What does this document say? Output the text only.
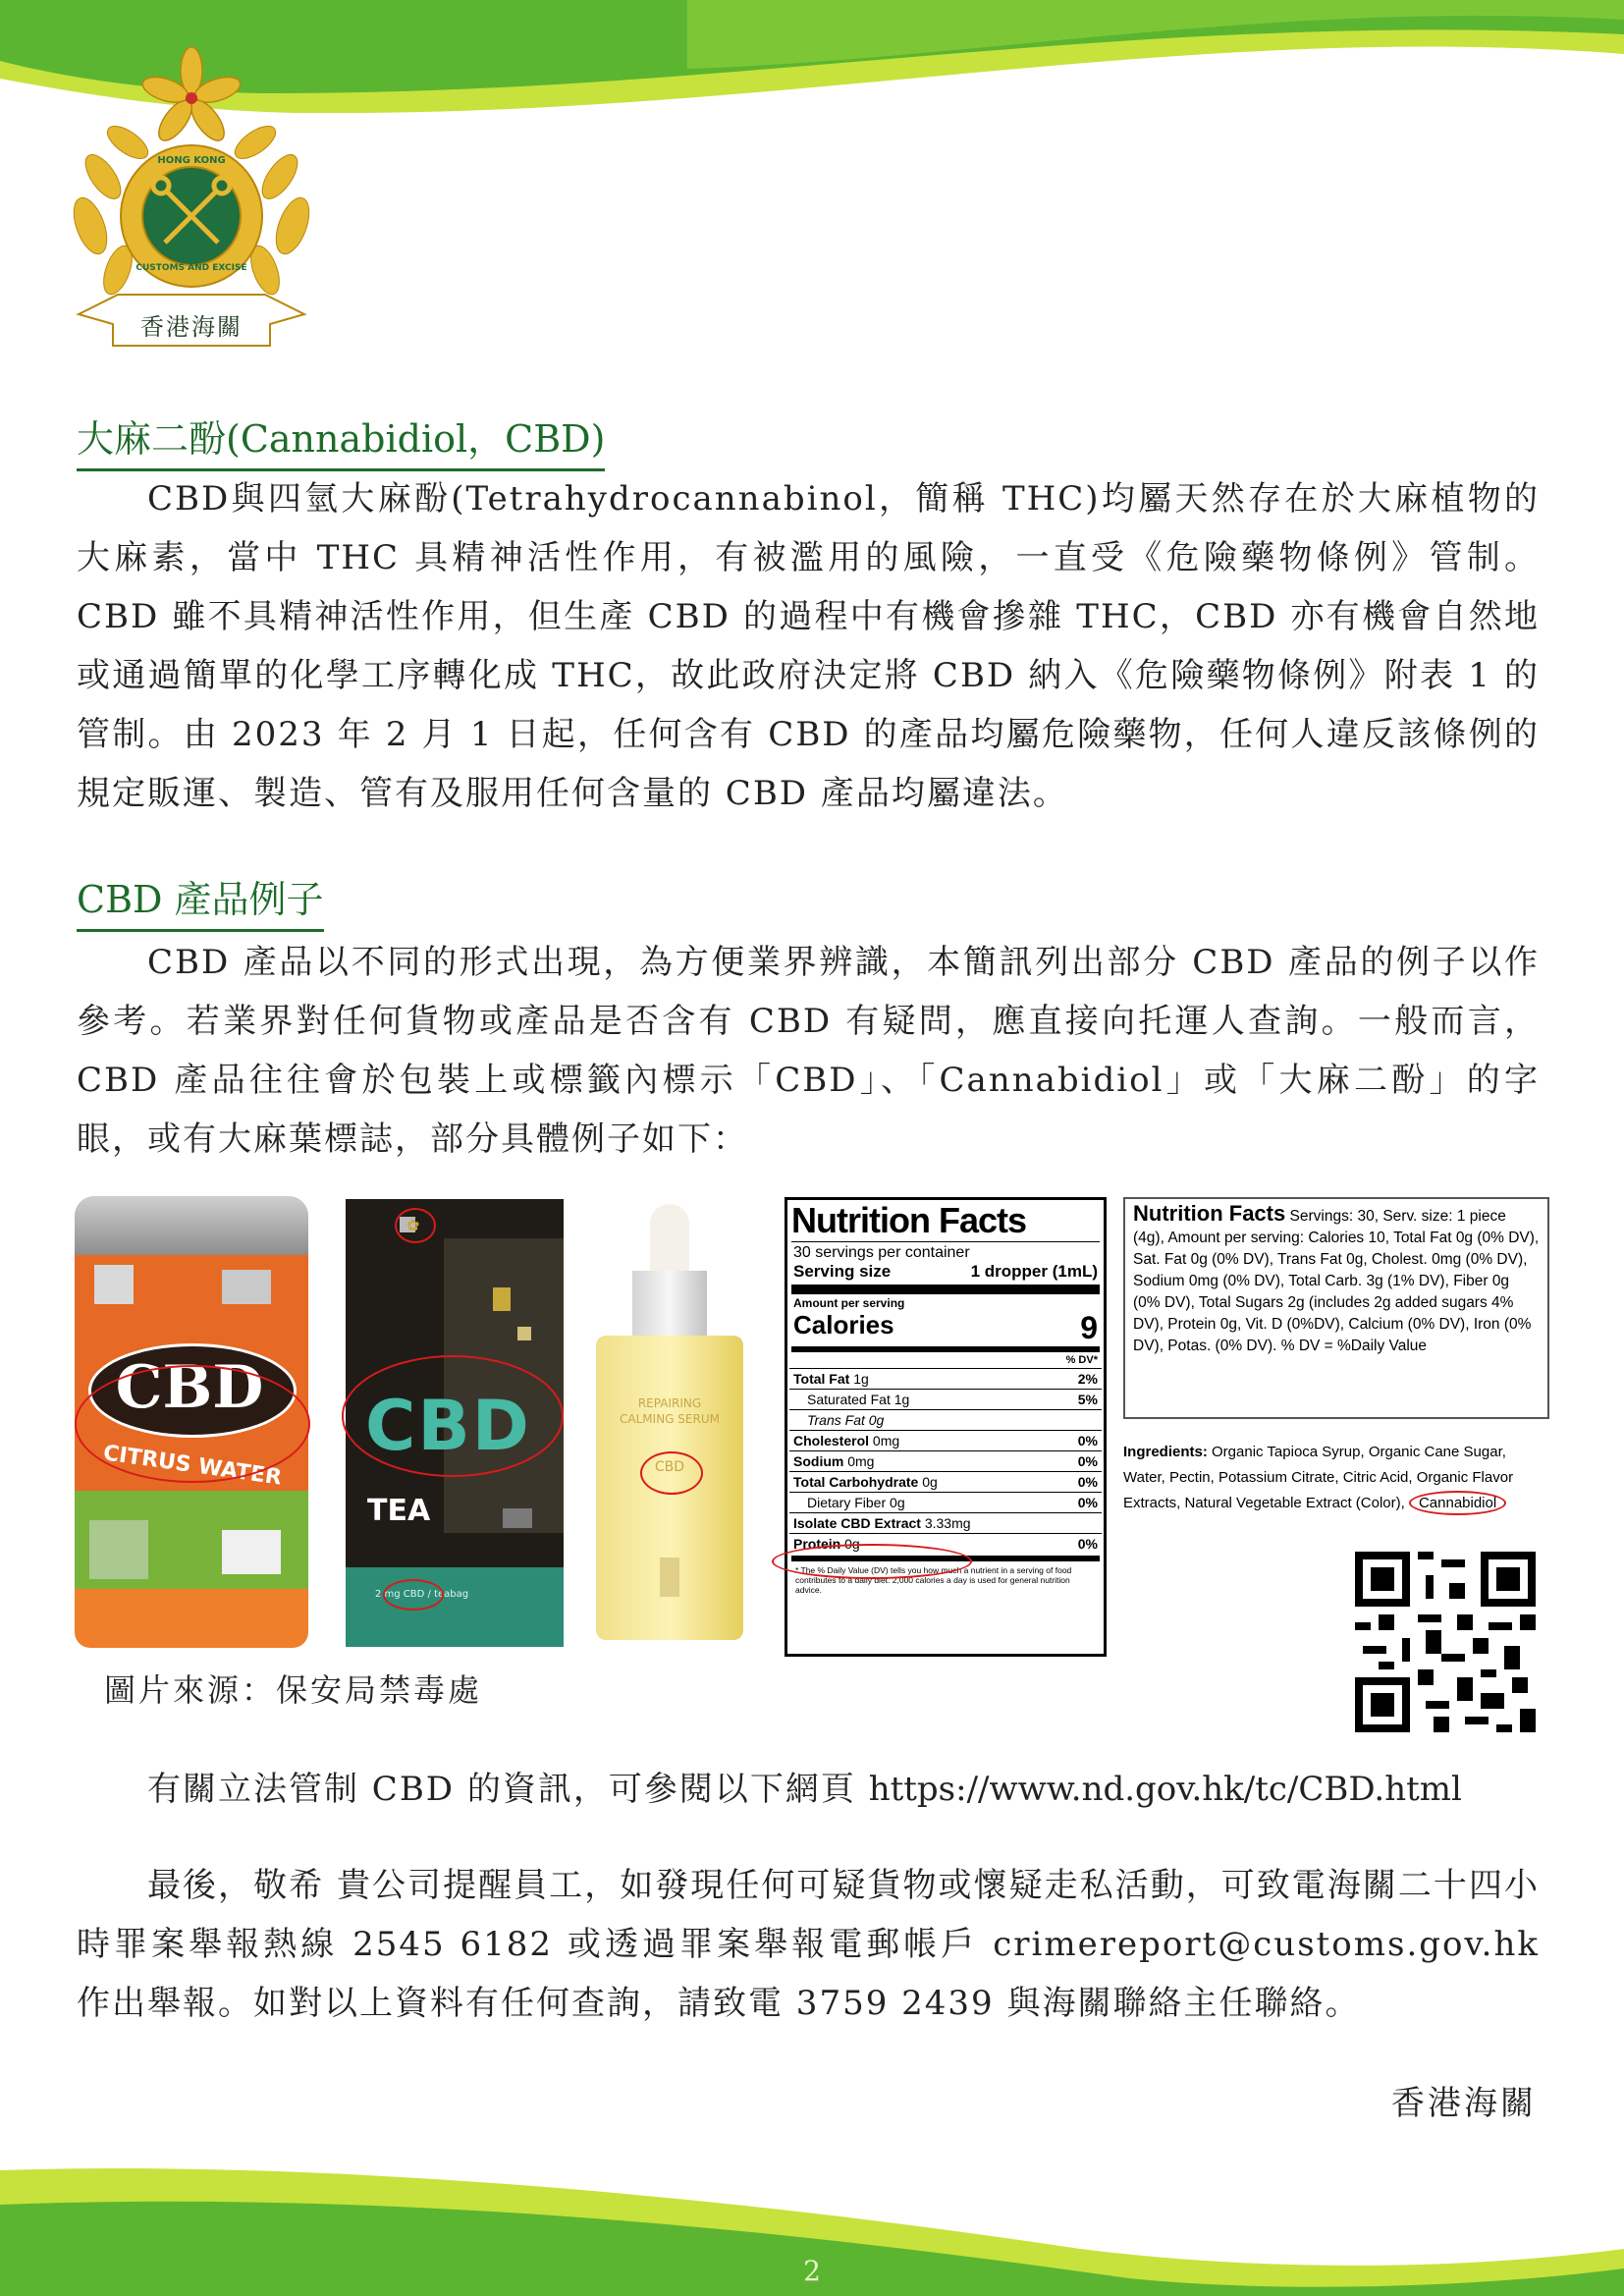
HONG KONG
CUSTOMS AND EXCISE
香港海關
大麻二酚(Cannabidiol，CBD)
CBD與四氫大麻酚(Tetrahydrocannabinol，簡稱 THC)均屬天然存在於大麻植物的大麻素，當中 THC 具精神活性作用，有被濫用的風險，一直受《危險藥物條例》管制。CBD 雖不具精神活性作用，但生產 CBD 的過程中有機會摻雜 THC，CBD 亦有機會自然地或通過簡單的化學工序轉化成 THC，故此政府決定將 CBD 納入《危險藥物條例》附表 1 的管制。由 2023 年 2 月 1 日起，任何含有 CBD 的產品均屬危險藥物，任何人違反該條例的規定販運、製造、管有及服用任何含量的 CBD 產品均屬違法。
CBD 產品例子
CBD 產品以不同的形式出現，為方便業界辨識，本簡訊列出部分 CBD 產品的例子以作參考。若業界對任何貨物或產品是否含有 CBD 有疑問，應直接向托運人查詢。一般而言，CBD 產品往往會於包裝上或標籤內標示「CBD」、「Cannabidiol」或「大麻二酚」的字眼，或有大麻葉標誌，部分具體例子如下：
CBD
CITRUS WATER CBD
TEA
2 mg CBD / teabag
✿
REPAIRING
CALMING SERUM
CBD
Nutrition Facts
30 servings per container
Serving size	1 dropper (1mL)
Amount per serving
Calories	9
% DV*
Total Fat 1g	2%
Saturated Fat 1g	5%
Trans Fat 0g
Cholesterol 0mg	0%
Sodium 0mg	0%
Total Carbohydrate 0g	0%
Dietary Fiber 0g	0%
Isolate CBD Extract 3.33mg
Protein 0g	0%
* The % Daily Value (DV) tells you how much a nutrient in a serving of food contributes to a daily diet. 2,000 calories a day is used for general nutrition advice.
Nutrition Facts Servings: 30, Serv. size: 1 piece (4g), Amount per serving: Calories 10, Total Fat 0g (0% DV), Sat. Fat 0g (0% DV), Trans Fat 0g, Cholest. 0mg (0% DV), Sodium 0mg (0% DV), Total Carb. 3g (1% DV), Fiber 0g (0% DV), Total Sugars 2g (includes 2g added sugars 4% DV), Protein 0g, Vit. D (0%DV), Calcium (0% DV), Iron (0% DV), Potas. (0% DV). % DV = %Daily Value
Ingredients: Organic Tapioca Syrup, Organic Cane Sugar, Water, Pectin, Potassium Citrate, Citric Acid, Organic Flavor Extracts, Natural Vegetable Extract (Color), Cannabidiol
圖片來源：保安局禁毒處
有關立法管制 CBD 的資訊，可參閱以下網頁 https://www.nd.gov.hk/tc/CBD.html
最後，敬希 貴公司提醒員工，如發現任何可疑貨物或懷疑走私活動，可致電海關二十四小時罪案舉報熱線 2545 6182 或透過罪案舉報電郵帳戶 crimereport@customs.gov.hk 作出舉報。如對以上資料有任何查詢，請致電 3759 2439 與海關聯絡主任聯絡。
香港海關
2
